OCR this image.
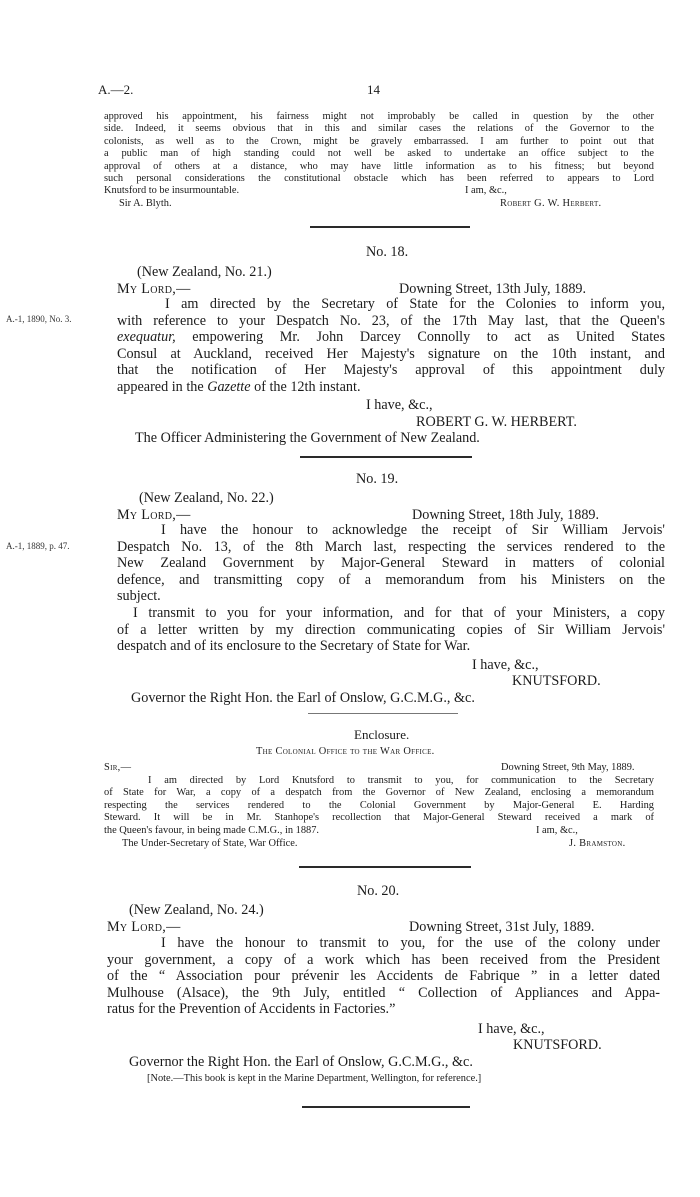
A.—2.	14
approved his appointment, his fairness might not improbably be called in question by the other
side. Indeed, it seems obvious that in this and similar cases the relations of the Governor to the
colonists, as well as to the Crown, might be gravely embarrassed. I am further to point out that
a public man of high standing could not well be asked to undertake an office subject to the
approval of others at a distance, who may have little information as to his fitness; but beyond
such personal considerations the constitutional obstacle which has been referred to appears to Lord
Knutsford to be insurmountable.	I am, &c.,
Sir A. Blyth.	Robert G. W. Herbert.
No. 18.
(New Zealand, No. 21.)
My Lord,—	Downing Street, 13th July, 1889.
A.-1, 1890, No. 3.
I am directed by the Secretary of State for the Colonies to inform you,
with reference to your Despatch No. 23, of the 17th May last, that the Queen's
exequatur, empowering Mr. John Darcey Connolly to act as United States
Consul at Auckland, received Her Majesty's signature on the 10th instant, and
that the notification of Her Majesty's approval of this appointment duly
appeared in the Gazette of the 12th instant.
I have, &c.,
ROBERT G. W. HERBERT.
The Officer Administering the Government of New Zealand.
No. 19.
(New Zealand, No. 22.)
My Lord,—	Downing Street, 18th July, 1889.
A.-1, 1889, p. 47.
I have the honour to acknowledge the receipt of Sir William Jervois'
Despatch No. 13, of the 8th March last, respecting the services rendered to the
New Zealand Government by Major-General Steward in matters of colonial
defence, and transmitting copy of a memorandum from his Ministers on the
subject.
I transmit to you for your information, and for that of your Ministers, a copy
of a letter written by my direction communicating copies of Sir William Jervois'
despatch and of its enclosure to the Secretary of State for War.
I have, &c.,
KNUTSFORD.
Governor the Right Hon. the Earl of Onslow, G.C.M.G., &c.
Enclosure.
The Colonial Office to the War Office.
Sir,—	Downing Street, 9th May, 1889.
I am directed by Lord Knutsford to transmit to you, for communication to the Secretary
of State for War, a copy of a despatch from the Governor of New Zealand, enclosing a memorandum
respecting the services rendered to the Colonial Government by Major-General E. Harding
Steward. It will be in Mr. Stanhope's recollection that Major-General Steward received a mark of
the Queen's favour, in being made C.M.G., in 1887.	I am, &c.,
The Under-Secretary of State, War Office.	J. Bramston.
No. 20.
(New Zealand, No. 24.)
My Lord,—	Downing Street, 31st July, 1889.
I have the honour to transmit to you, for the use of the colony under
your government, a copy of a work which has been received from the President
of the “ Association pour prévenir les Accidents de Fabrique ” in a letter dated
Mulhouse (Alsace), the 9th July, entitled “ Collection of Appliances and Appa-
ratus for the Prevention of Accidents in Factories.”
I have, &c.,
KNUTSFORD.
Governor the Right Hon. the Earl of Onslow, G.C.M.G., &c.
[Note.—This book is kept in the Marine Department, Wellington, for reference.]
